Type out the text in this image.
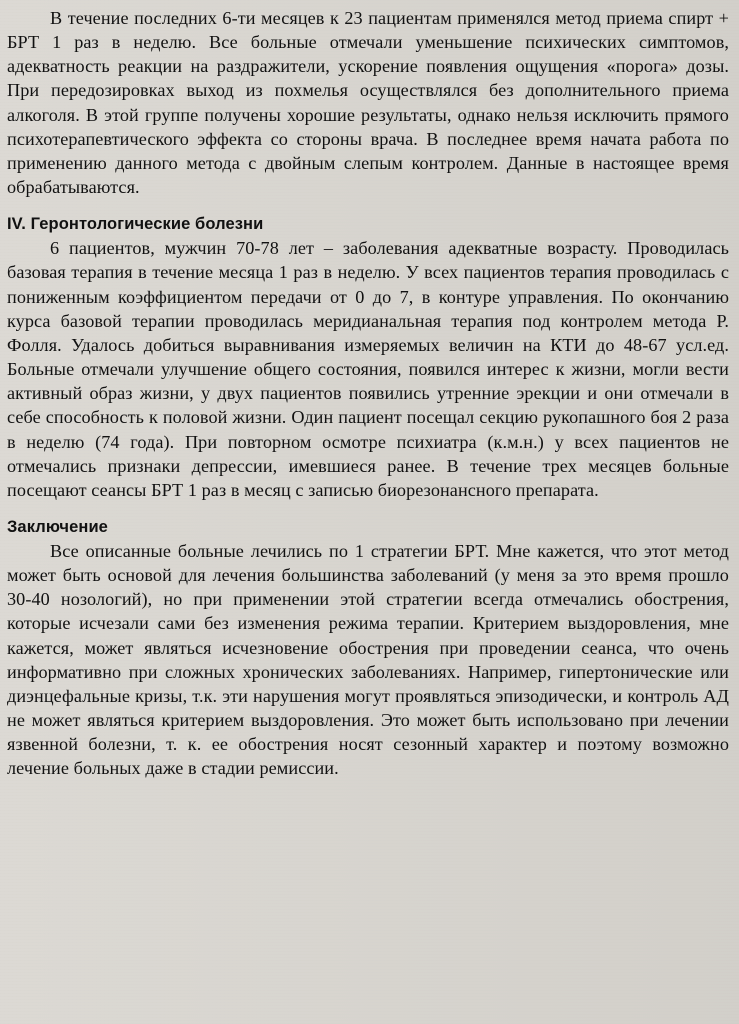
В течение последних 6-ти месяцев к 23 пациентам применялся метод приема спирт + БРТ 1 раз в неделю. Все больные отмечали уменьшение психических симптомов, адекватность реакции на раздражители, ускорение появления ощущения «порога» дозы. При передозировках выход из похмелья осуществлялся без дополнительного приема алкоголя. В этой группе получены хорошие результаты, однако нельзя исключить прямого психотерапевтического эффекта со стороны врача. В последнее время начата работа по применению данного метода с двойным слепым контролем. Данные в настоящее время обрабатываются.

IV. Геронтологические болезни

6 пациентов, мужчин 70-78 лет – заболевания адекватные возрасту. Проводилась базовая терапия в течение месяца 1 раз в неделю. У всех пациентов терапия проводилась с пониженным коэффициентом передачи от 0 до 7, в контуре управления. По окончанию курса базовой терапии проводилась меридианальная терапия под контролем метода Р. Фолля. Удалось добиться выравнивания измеряемых величин на КТИ до 48-67 усл.ед. Больные отмечали улучшение общего состояния, появился интерес к жизни, могли вести активный образ жизни, у двух пациентов появились утренние эрекции и они отмечали в себе способность к половой жизни. Один пациент посещал секцию рукопашного боя 2 раза в неделю (74 года). При повторном осмотре психиатра (к.м.н.) у всех пациентов не отмечались признаки депрессии, имевшиеся ранее. В течение трех месяцев больные посещают сеансы БРТ 1 раз в месяц с записью биорезонансного препарата.

Заключение

Все описанные больные лечились по 1 стратегии БРТ. Мне кажется, что этот метод может быть основой для лечения большинства заболеваний (у меня за это время прошло 30-40 нозологий), но при применении этой стратегии всегда отмечались обострения, которые исчезали сами без изменения режима терапии. Критерием выздоровления, мне кажется, может являться исчезновение обострения при проведении сеанса, что очень информативно при сложных хронических заболеваниях. Например, гипертонические или диэнцефальные кризы, т.к. эти нарушения могут проявляться эпизодически, и контроль АД не может являться критерием выздоровления. Это может быть использовано при лечении язвенной болезни, т. к. ее обострения носят сезонный характер и поэтому возможно лечение больных даже в стадии ремиссии.
